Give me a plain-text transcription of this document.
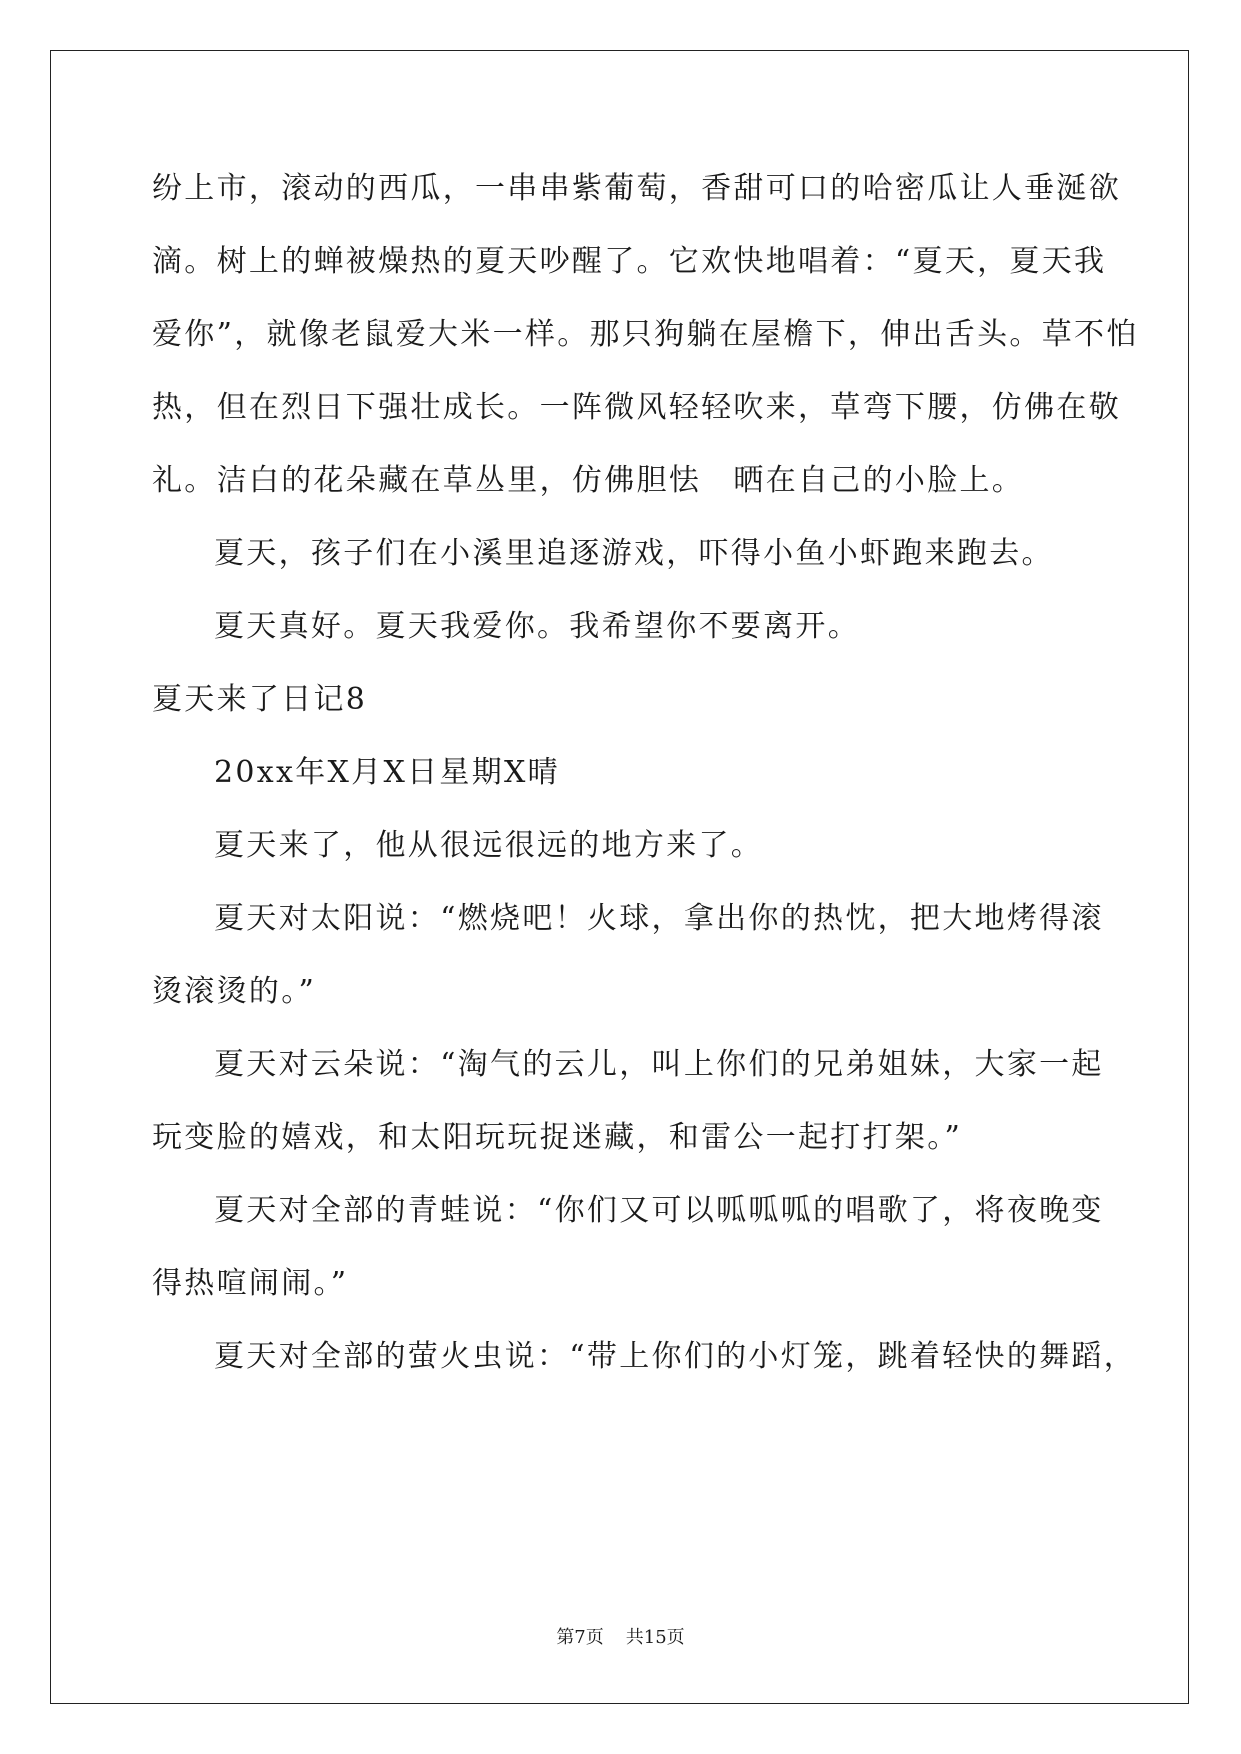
纷上市，滚动的西瓜，一串串紫葡萄，香甜可口的哈密瓜让人垂涎欲
滴。树上的蝉被燥热的夏天吵醒了。它欢快地唱着：“夏天，夏天我
爱你”，就像老鼠爱大米一样。那只狗躺在屋檐下，伸出舌头。草不怕
热，但在烈日下强壮成长。一阵微风轻轻吹来，草弯下腰，仿佛在敬
礼。洁白的花朵藏在草丛里，仿佛胆怯　晒在自己的小脸上。
夏天，孩子们在小溪里追逐游戏，吓得小鱼小虾跑来跑去。
夏天真好。夏天我爱你。我希望你不要离开。
夏天来了日记8
20xx年X月X日星期X晴
夏天来了，他从很远很远的地方来了。
夏天对太阳说：“燃烧吧！火球，拿出你的热忱，把大地烤得滚
烫滚烫的。”
夏天对云朵说：“淘气的云儿，叫上你们的兄弟姐妹，大家一起
玩变脸的嬉戏，和太阳玩玩捉迷藏，和雷公一起打打架。”
夏天对全部的青蛙说：“你们又可以呱呱呱的唱歌了，将夜晚变
得热喧闹闹。”
夏天对全部的萤火虫说：“带上你们的小灯笼，跳着轻快的舞蹈，
第7页 共15页
